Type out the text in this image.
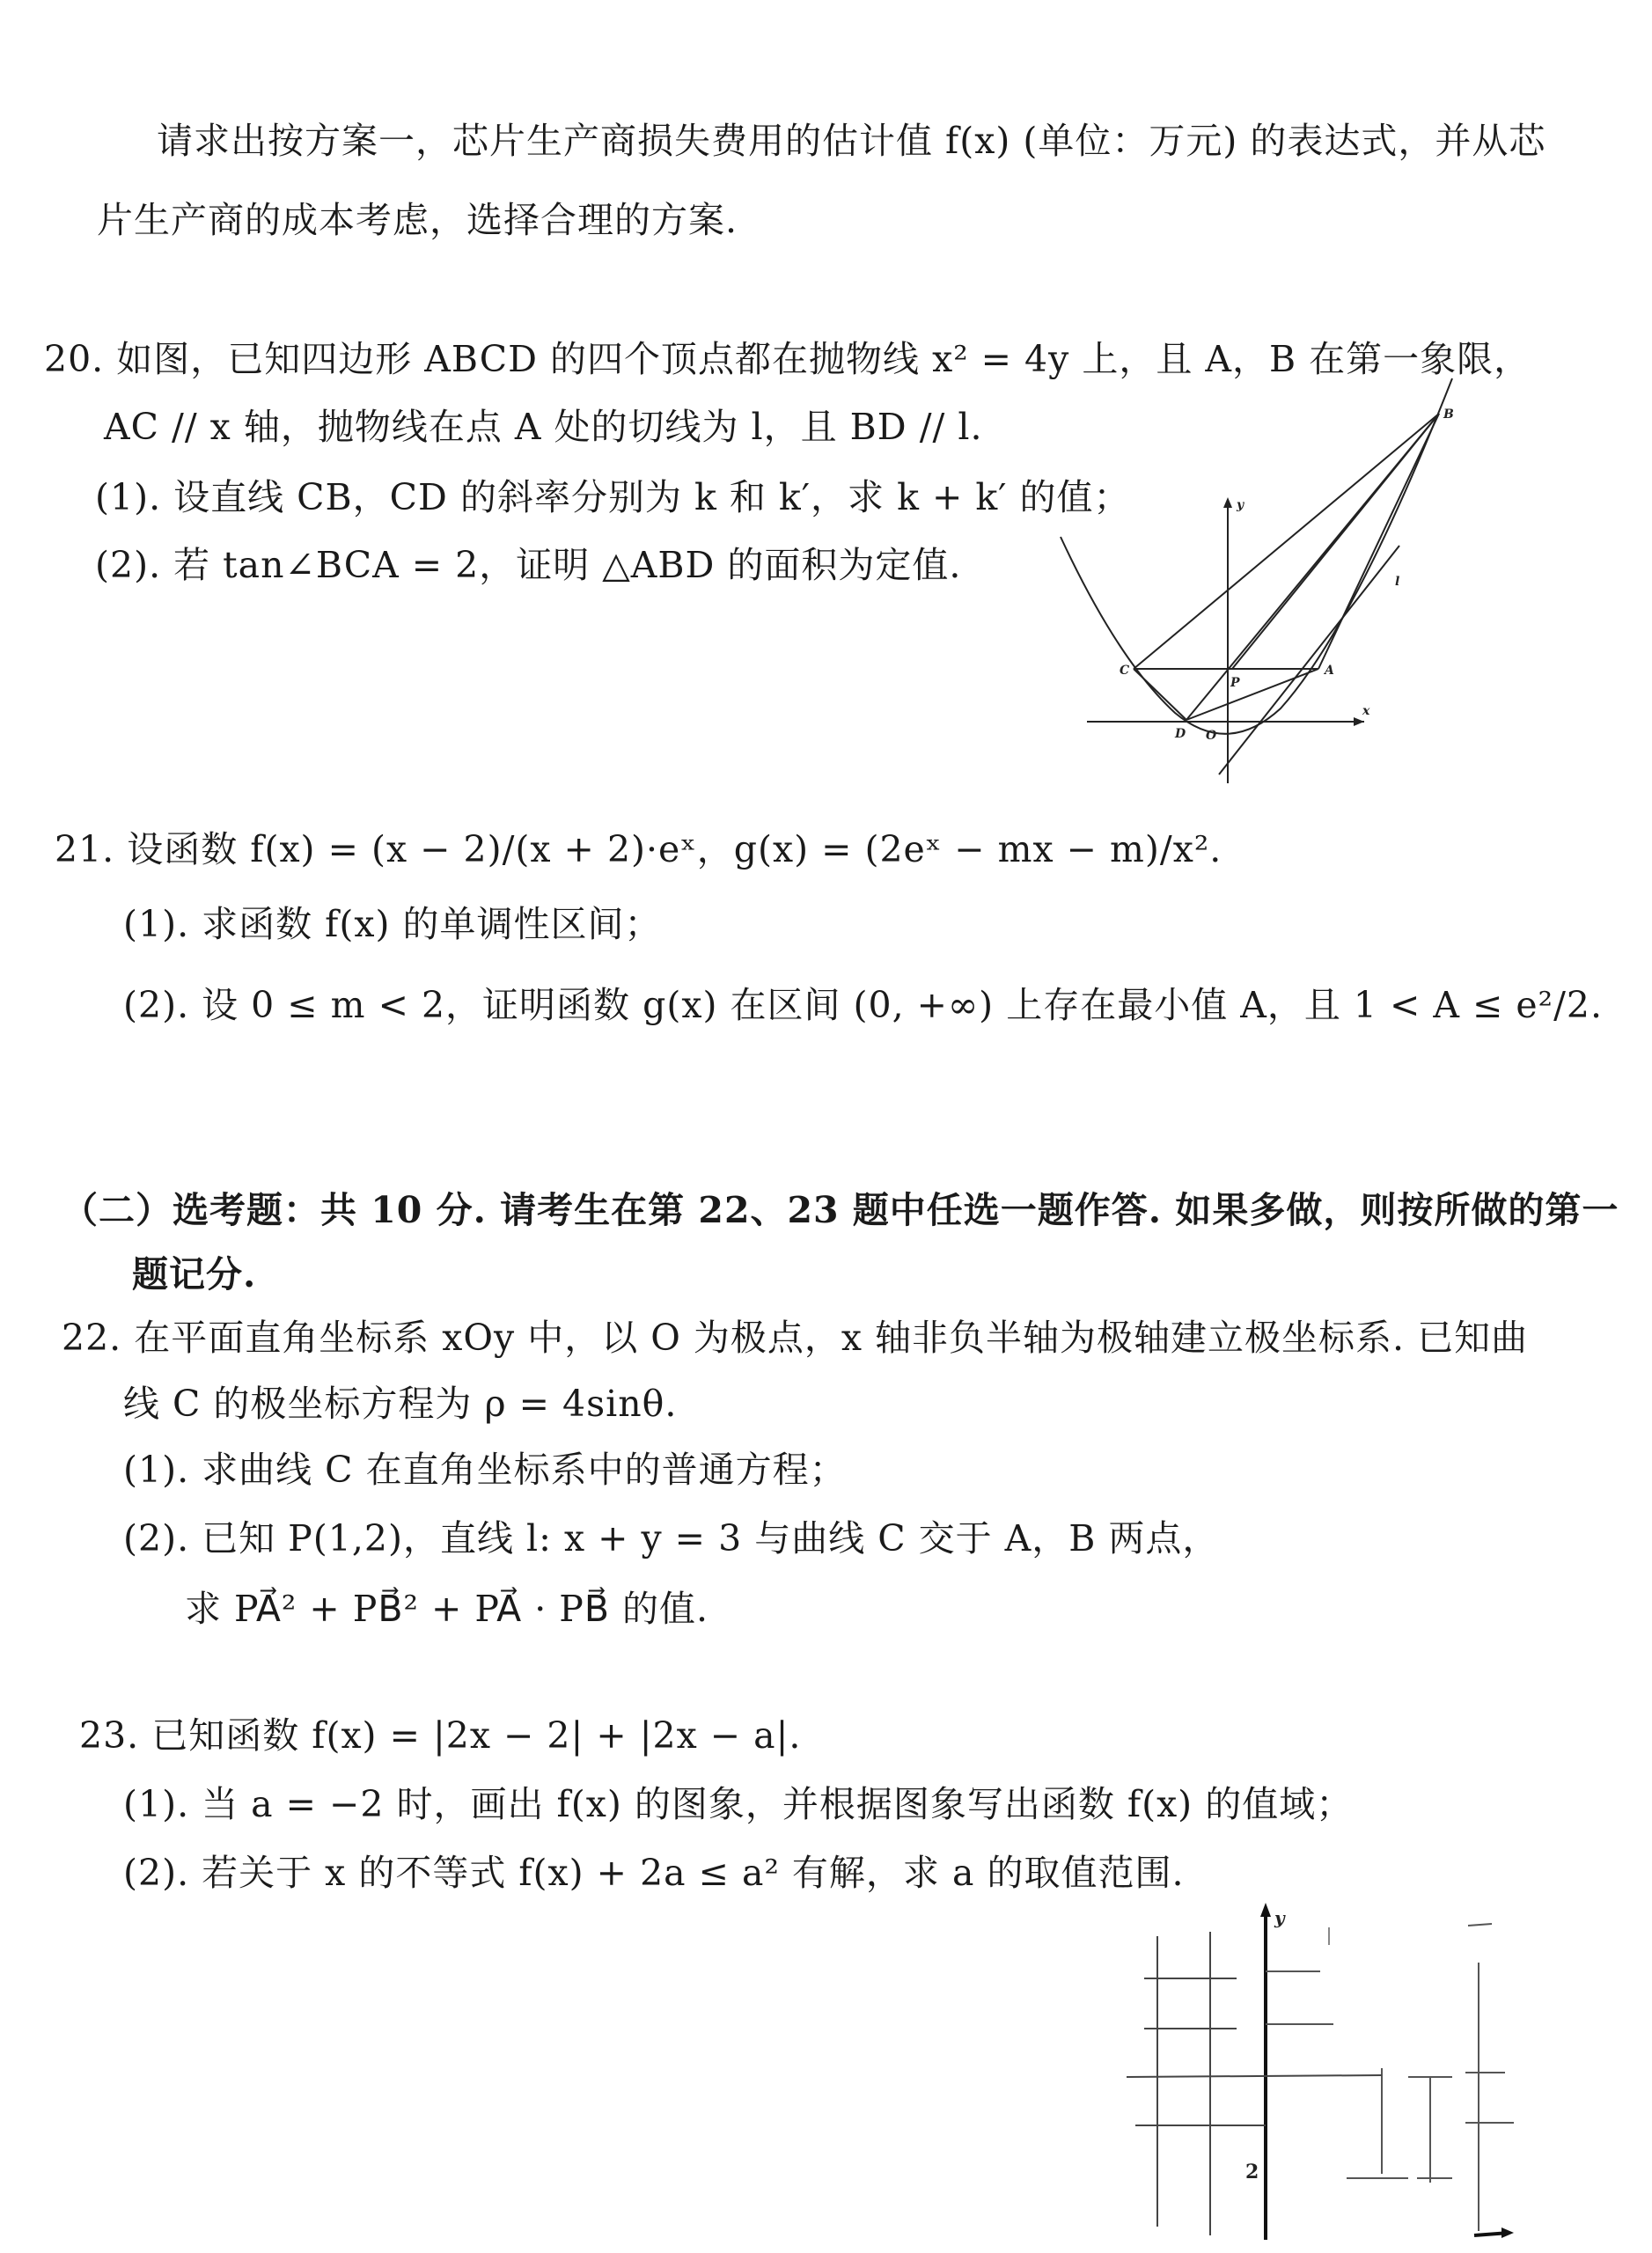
请求出按方案一，芯片生产商损失费用的估计值 f(x) (单位：万元) 的表达式，并从芯
片生产商的成本考虑，选择合理的方案.
20. 如图，已知四边形 ABCD 的四个顶点都在抛物线 x² = 4y 上，且 A，B 在第一象限，
AC // x 轴，抛物线在点 A 处的切线为 l，且 BD // l.
(1). 设直线 CB，CD 的斜率分别为 k 和 k′，求 k + k′ 的值；
(2). 若 tan∠BCA = 2，证明 △ABD 的面积为定值.
B
C
P
A
D O
x
y
l
21. 设函数 f(x) = (x − 2)/(x + 2)·eˣ，g(x) = (2eˣ − mx − m)/x².
(1). 求函数 f(x) 的单调性区间；
(2). 设 0 ≤ m < 2，证明函数 g(x) 在区间 (0, +∞) 上存在最小值 A，且 1 < A ≤ e²/2.
（二）选考题：共 10 分. 请考生在第 22、23 题中任选一题作答. 如果多做，则按所做的第一
题记分.
22. 在平面直角坐标系 xOy 中，以 O 为极点，x 轴非负半轴为极轴建立极坐标系. 已知曲
线 C 的极坐标方程为 ρ = 4sinθ.
(1). 求曲线 C 在直角坐标系中的普通方程；
(2). 已知 P(1,2)，直线 l: x + y = 3 与曲线 C 交于 A，B 两点，
求 PA⃗² + PB⃗² + PA⃗ · PB⃗ 的值.
23. 已知函数 f(x) = |2x − 2| + |2x − a|.
(1). 当 a = −2 时，画出 f(x) 的图象，并根据图象写出函数 f(x) 的值域；
(2). 若关于 x 的不等式 f(x) + 2a ≤ a² 有解，求 a 的取值范围.
y
2
